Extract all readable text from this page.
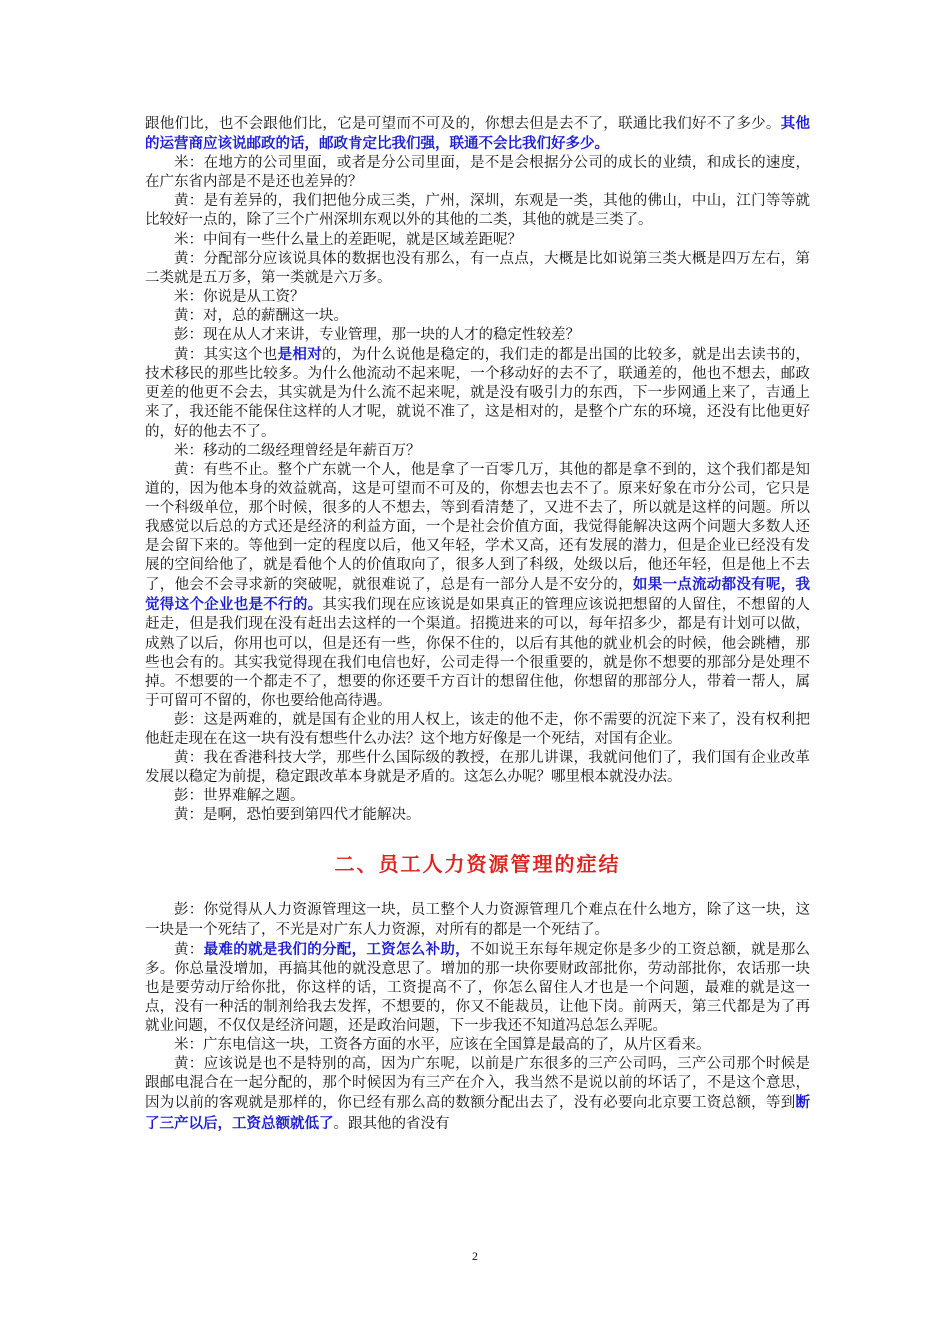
跟他们比，也不会跟他们比，它是可望而不可及的，你想去但是去不了，联通比我们好不了多少。其他的运营商应该说邮政的话，邮政肯定比我们强，联通不会比我们好多少。

米：在地方的公司里面，或者是分公司里面，是不是会根据分公司的成长的业绩，和成长的速度，在广东省内部是不是还也差异的？

黄：是有差异的，我们把他分成三类，广州，深圳，东观是一类，其他的佛山，中山，江门等等就比较好一点的，除了三个广州深圳东观以外的其他的二类，其他的就是三类了。

米：中间有一些什么量上的差距呢，就是区域差距呢？

黄：分配部分应该说具体的数据也没有那么，有一点点，大概是比如说第三类大概是四万左右，第二类就是五万多，第一类就是六万多。

米：你说是从工资？

黄：对，总的薪酬这一块。

彭：现在从人才来讲，专业管理，那一块的人才的稳定性较差？

黄：其实这个也是相对的，为什么说他是稳定的，我们走的都是出国的比较多，就是出去读书的，技术移民的那些比较多。为什么他流动不起来呢，一个移动好的去不了，联通差的，他也不想去，邮政更差的他更不会去，其实就是为什么流不起来呢，就是没有吸引力的东西，下一步网通上来了，吉通上来了，我还能不能保住这样的人才呢，就说不准了，这是相对的，是整个广东的环境，还没有比他更好的，好的他去不了。

米：移动的二级经理曾经是年薪百万？

黄：有些不止。整个广东就一个人，他是拿了一百零几万，其他的都是拿不到的，这个我们都是知道的，因为他本身的效益就高，这是可望而不可及的，你想去也去不了。原来好象在市分公司，它只是一个科级单位，那个时候，很多的人不想去，等到看清楚了，又进不去了，所以就是这样的问题。所以我感觉以后总的方式还是经济的利益方面，一个是社会价值方面，我觉得能解决这两个问题大多数人还是会留下来的。等他到一定的程度以后，他又年轻，学术又高，还有发展的潜力，但是企业已经没有发展的空间给他了，就是看他个人的价值取向了，很多人到了科级，处级以后，他还年轻，但是他上不去了，他会不会寻求新的突破呢，就很难说了，总是有一部分人是不安分的，如果一点流动都没有呢，我觉得这个企业也是不行的。其实我们现在应该说是如果真正的管理应该说把想留的人留住，不想留的人赶走，但是我们现在没有赶出去这样的一个渠道。招揽进来的可以，每年招多少，都是有计划可以做，成熟了以后，你用也可以，但是还有一些，你保不住的，以后有其他的就业机会的时候，他会跳槽，那些也会有的。其实我觉得现在我们电信也好，公司走得一个很重要的，就是你不想要的那部分是处理不掉。不想要的一个都走不了，想要的你还要千方百计的想留住他，你想留的那部分人，带着一帮人，属于可留可不留的，你也要给他高待遇。

彭：这是两难的，就是国有企业的用人权上，该走的他不走，你不需要的沉淀下来了，没有权利把他赶走现在在这一块有没有想些什么办法？这个地方好像是一个死结，对国有企业。

黄：我在香港科技大学，那些什么国际级的教授，在那儿讲课，我就问他们了，我们国有企业改革发展以稳定为前提，稳定跟改革本身就是矛盾的。这怎么办呢？哪里根本就没办法。

彭：世界难解之题。

黄：是啊，恐怕要到第四代才能解决。

二、员工人力资源管理的症结

彭：你觉得从人力资源管理这一块，员工整个人力资源管理几个难点在什么地方，除了这一块，这一块是一个死结了，不光是对广东人力资源，对所有的都是一个死结了。

黄：最难的就是我们的分配，工资怎么补助，不如说王东每年规定你是多少的工资总额，就是那么多。你总量没增加，再搞其他的就没意思了。增加的那一块你要财政部批你，劳动部批你，农话那一块也是要劳动厅给你批，你这样的话，工资提高不了，你怎么留住人才也是一个问题，最难的就是这一点，没有一种活的制剂给我去发挥，不想要的，你又不能裁员，让他下岗。前两天，第三代都是为了再就业问题，不仅仅是经济问题，还是政治问题，下一步我还不知道冯总怎么弄呢。

米：广东电信这一块，工资各方面的水平，应该在全国算是最高的了，从片区看来。

黄：应该说是也不是特别的高，因为广东呢，以前是广东很多的三产公司吗，三产公司那个时候是跟邮电混合在一起分配的，那个时候因为有三产在介入，我当然不是说以前的坏话了，不是这个意思，因为以前的客观就是那样的，你已经有那么高的数额分配出去了，没有必要向北京要工资总额，等到断了三产以后，工资总额就低了。跟其他的省没有

2
